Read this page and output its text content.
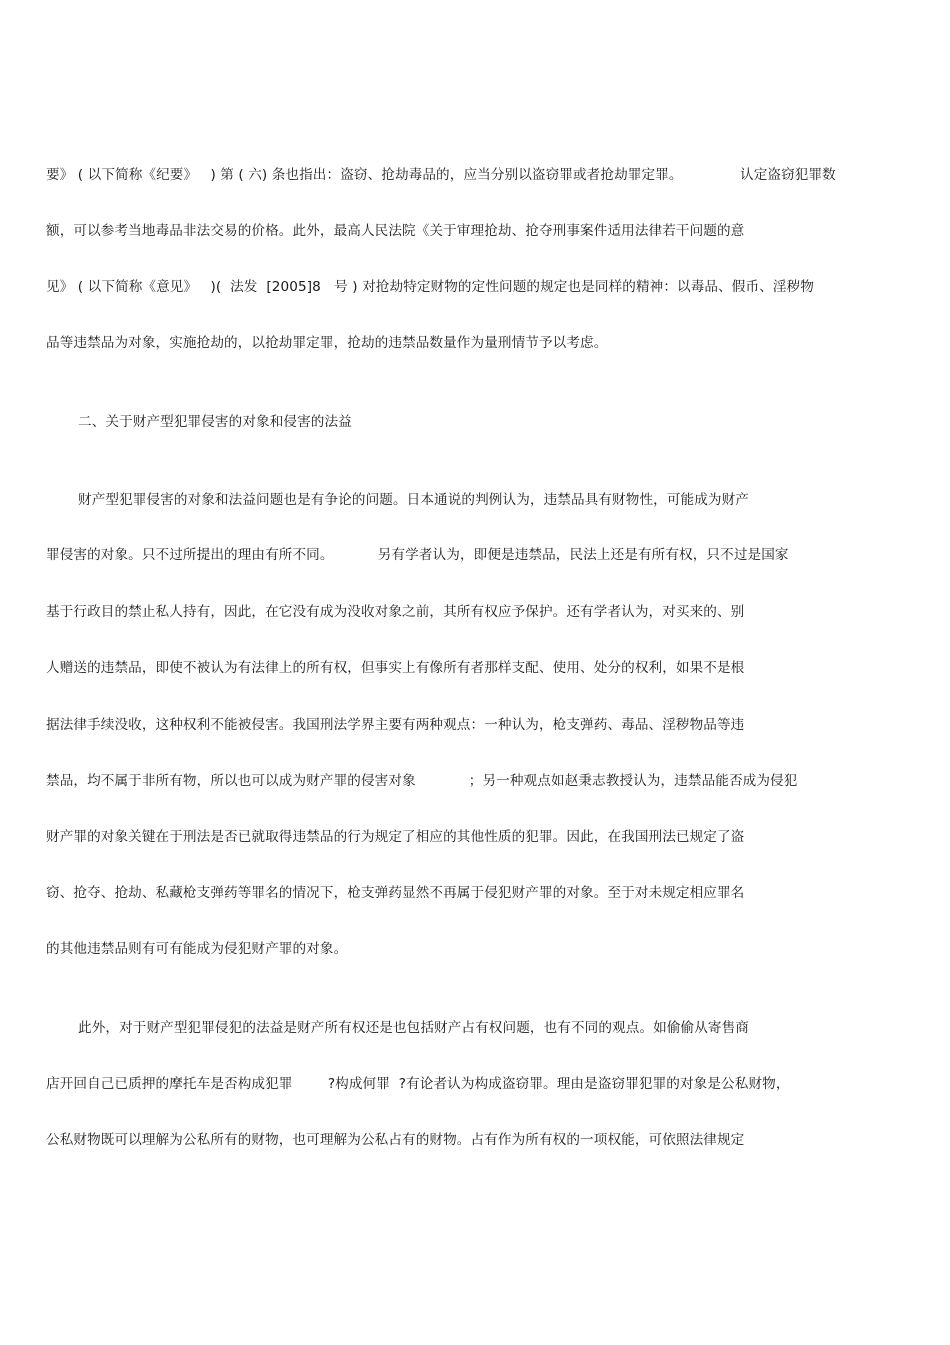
要》 ( 以下简称《纪要》   ) 第 ( 六) 条也指出：盗窃、抢劫毒品的，应当分别以盗窃罪或者抢劫罪定罪。             认定盗窃犯罪数
额，可以参考当地毒品非法交易的价格。此外，最高人民法院《关于审理抢劫、抢夺刑事案件适用法律若干问题的意
见》 ( 以下简称《意见》   )(  法发  [2005]8   号 ) 对抢劫特定财物的定性问题的规定也是同样的精神：以毒品、假币、淫秽物
品等违禁品为对象，实施抢劫的，以抢劫罪定罪，抢劫的违禁品数量作为量刑情节予以考虑。
二、关于财产型犯罪侵害的对象和侵害的法益
财产型犯罪侵害的对象和法益问题也是有争论的问题。日本通说的判例认为，违禁品具有财物性，可能成为财产
罪侵害的对象。只不过所提出的理由有所不同。          另有学者认为，即便是违禁品，民法上还是有所有权，只不过是国家
基于行政目的禁止私人持有，因此，在它没有成为没收对象之前，其所有权应予保护。还有学者认为，对买来的、别
人赠送的违禁品，即使不被认为有法律上的所有权，但事实上有像所有者那样支配、使用、处分的权利，如果不是根
据法律手续没收，这种权利不能被侵害。我国刑法学界主要有两种观点：一种认为，枪支弹药、毒品、淫秽物品等违
禁品，均不属于非所有物，所以也可以成为财产罪的侵害对象            ；另一种观点如赵秉志教授认为，违禁品能否成为侵犯
财产罪的对象关键在于刑法是否已就取得违禁品的行为规定了相应的其他性质的犯罪。因此，在我国刑法已规定了盗
窃、抢夺、抢劫、私藏枪支弹药等罪名的情况下，枪支弹药显然不再属于侵犯财产罪的对象。至于对未规定相应罪名
的其他违禁品则有可有能成为侵犯财产罪的对象。
此外，对于财产型犯罪侵犯的法益是财产所有权还是也包括财产占有权问题，也有不同的观点。如偷偷从寄售商
店开回自己已质押的摩托车是否构成犯罪        ?构成何罪  ?有论者认为构成盗窃罪。理由是盗窃罪犯罪的对象是公私财物，
公私财物既可以理解为公私所有的财物，也可理解为公私占有的财物。占有作为所有权的一项权能，可依照法律规定
